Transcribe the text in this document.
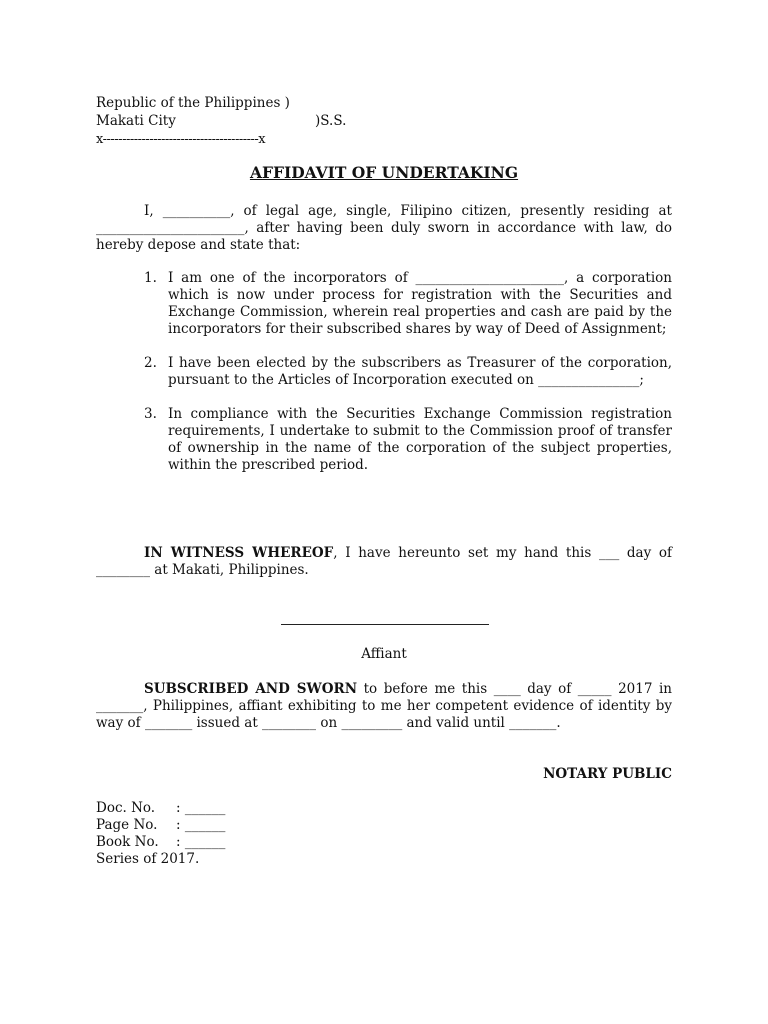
Republic of the Philippines )
Makati City	)S.S.
x----------------------------------------x
AFFIDAVIT OF UNDERTAKING
I, __________, of legal age, single, Filipino citizen, presently residing at ______________________, after having been duly sworn in accordance with law, do hereby depose and state that:
1. I am one of the incorporators of ______________________, a corporation which is now under process for registration with the Securities and Exchange Commission, wherein real properties and cash are paid by the incorporators for their subscribed shares by way of Deed of Assignment;
2. I have been elected by the subscribers as Treasurer of the corporation, pursuant to the Articles of Incorporation executed on _______________;
3. In compliance with the Securities Exchange Commission registration requirements, I undertake to submit to the Commission proof of transfer of ownership in the name of the corporation of the subject properties, within the prescribed period.
IN WITNESS WHEREOF, I have hereunto set my hand this ___ day of ________ at Makati, Philippines.
Affiant
SUBSCRIBED AND SWORN to before me this ____ day of _____ 2017 in _______, Philippines, affiant exhibiting to me her competent evidence of identity by way of _______ issued at ________ on _________ and valid until _______.
NOTARY PUBLIC
Doc. No. : ______
Page No. : ______
Book No. : ______
Series of 2017.
